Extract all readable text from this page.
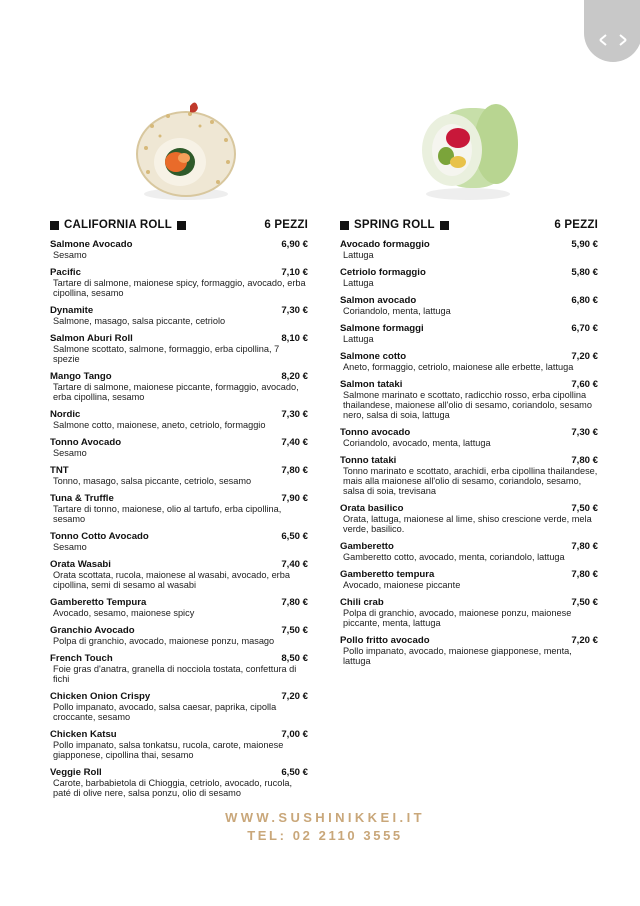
CALIFORNIA ROLL	6 PEZZI
Salmone Avocado	6,90 €
Sesamo
Pacific	7,10 €
Tartare di salmone, maionese spicy, formaggio, avocado, erba cipollina, sesamo
Dynamite	7,30 €
Salmone, masago, salsa piccante, cetriolo
Salmon Aburi Roll	8,10 €
Salmone scottato, salmone, formaggio, erba cipollina, 7 spezie
Mango Tango	8,20 €
Tartare di salmone, maionese piccante, formaggio, avocado, erba cipollina, sesamo
Nordic	7,30 €
Salmone cotto, maionese, aneto, cetriolo, formaggio
Tonno Avocado	7,40 €
Sesamo
TNT	7,80 €
Tonno, masago, salsa piccante, cetriolo, sesamo
Tuna & Truffle	7,90 €
Tartare di tonno, maionese, olio al tartufo, erba cipollina, sesamo
Tonno Cotto Avocado	6,50 €
Sesamo
Orata Wasabi	7,40 €
Orata scottata, rucola, maionese al wasabi, avocado, erba cipollina, semi di sesamo al wasabi
Gamberetto Tempura	7,80 €
Avocado, sesamo, maionese spicy
Granchio Avocado	7,50 €
Polpa di granchio, avocado, maionese ponzu, masago
French Touch	8,50 €
Foie gras d'anatra, granella di nocciola tostata, confettura di fichi
Chicken Onion Crispy	7,20 €
Pollo impanato, avocado, salsa caesar, paprika, cipolla croccante, sesamo
Chicken Katsu	7,00 €
Pollo impanato, salsa tonkatsu, rucola, carote, maionese giapponese, cipollina thai, sesamo
Veggie Roll	6,50 €
Carote, barbabietola di Chioggia, cetriolo, avocado, rucola, paté di olive nere, salsa ponzu, olio di sesamo
SPRING ROLL	6 PEZZI
Avocado formaggio	5,90 €
Lattuga
Cetriolo formaggio	5,80 €
Lattuga
Salmon avocado	6,80 €
Coriandolo, menta, lattuga
Salmone formaggi	6,70 €
Lattuga
Salmone cotto	7,20 €
Aneto, formaggio, cetriolo, maionese alle erbette, lattuga
Salmon tataki	7,60 €
Salmone marinato e scottato, radicchio rosso, erba cipollina thailandese, maionese all'olio di sesamo, coriandolo, sesamo nero, salsa di soia, lattuga
Tonno avocado	7,30 €
Coriandolo, avocado, menta, lattuga
Tonno tataki	7,80 €
Tonno marinato e scottato, arachidi, erba cipollina thailandese, mais alla maionese all'olio di sesamo, coriandolo, sesamo, salsa di soia, trevisana
Orata basilico	7,50 €
Orata, lattuga, maionese al lime, shiso crescione verde, mela verde, basilico.
Gamberetto	7,80 €
Gamberetto cotto, avocado, menta, coriandolo, lattuga
Gamberetto tempura	7,80 €
Avocado, maionese piccante
Chili crab	7,50 €
Polpa di granchio, avocado, maionese ponzu, maionese piccante, menta, lattuga
Pollo fritto avocado	7,20 €
Pollo impanato, avocado, maionese giapponese, menta, lattuga
WWW.SUSHINIKKEI.IT
TEL: 02 2110 3555
